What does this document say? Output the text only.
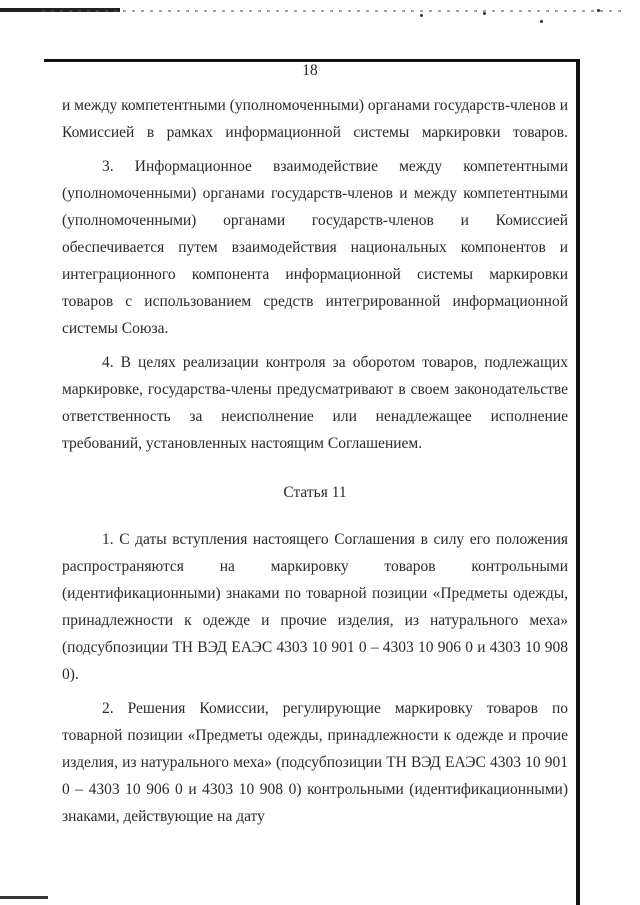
18

и между компетентными (уполномоченными) органами государств-членов и Комиссией в рамках информационной системы маркировки товаров.

3. Информационное взаимодействие между компетентными (уполномоченными) органами государств-членов и между компетентными (уполномоченными) органами государств-членов и Комиссией обеспечивается путем взаимодействия национальных компонентов и интеграционного компонента информационной системы маркировки товаров с использованием средств интегрированной информационной системы Союза.

4. В целях реализации контроля за оборотом товаров, подлежащих маркировке, государства-члены предусматривают в своем законодательстве ответственность за неисполнение или ненадлежащее исполнение требований, установленных настоящим Соглашением.

Статья 11

1. С даты вступления настоящего Соглашения в силу его положения распространяются на маркировку товаров контрольными (идентификационными) знаками по товарной позиции «Предметы одежды, принадлежности к одежде и прочие изделия, из натурального меха» (подсубпозиции ТН ВЭД ЕАЭС 4303 10 901 0 – 4303 10 906 0 и 4303 10 908 0).

2. Решения Комиссии, регулирующие маркировку товаров по товарной позиции «Предметы одежды, принадлежности к одежде и прочие изделия, из натурального меха» (подсубпозиции ТН ВЭД ЕАЭС 4303 10 901 0 – 4303 10 906 0 и 4303 10 908 0) контрольными (идентификационными) знаками, действующие на дату
